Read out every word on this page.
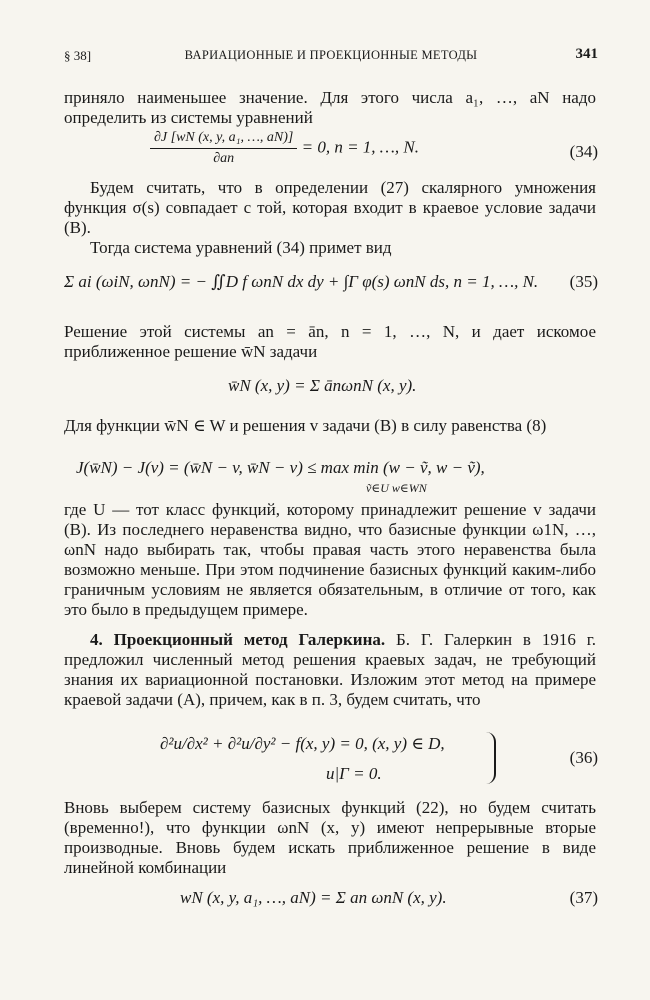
§ 38]	ВАРИАЦИОННЫЕ И ПРОЕКЦИОННЫЕ МЕТОДЫ	341
приняло наименьшее значение. Для этого числа a₁, …, aN надо определить из системы уравнений
$\frac{\text{∂J [wN (x, y, a₁, …, aN)]}}{\partial an} = 0$, n = 1, …, N.	(34)
Будем считать, что в определении (27) скалярного умножения функция σ(s) совпадает с той, которая входит в краевое условие задачи (B).
Тогда система уравнений (34) примет вид
Σ ai (ωiN, ωnN) = − ∬D f ωnN dx dy + ∫Γ φ(s) ωnN ds, n = 1, …, N. (35)
Решение этой системы an = ān, n = 1, …, N, и дает искомое приближенное решение w̄N задачи
w̄N (x, y) = Σ ānωnN (x, y).
Для функции w̄N ∈ W и решения v задачи (B) в силу равенства (8)
J(w̄N) − J(v) = (w̄N − v, w̄N − v) ≤ max min (w − ṽ, w − ṽ),
ṽ∈U w∈WN
где U — тот класс функций, которому принадлежит решение v задачи (B). Из последнего неравенства видно, что базисные функции ω1N, …, ωnN надо выбирать так, чтобы правая часть этого неравенства была возможно меньше. При этом подчинение базисных функций каким-либо граничным условиям не является обязательным, в отличие от того, как это было в предыдущем примере.
4. Проекционный метод Галеркина. Б. Г. Галеркин в 1916 г. предложил численный метод решения краевых задач, не требующий знания их вариационной постановки. Изложим этот метод на примере краевой задачи (A), причем, как в п. 3, будем считать, что
∂²u/∂x² + ∂²u/∂y² − f(x, y) = 0, (x, y) ∈ D,
u|Γ = 0.
(36)
Вновь выберем систему базисных функций (22), но будем считать (временно!), что функции ωnN (x, y) имеют непрерывные вторые производные. Вновь будем искать приближенное решение в виде линейной комбинации
wN (x, y, a₁, …, aN) = Σ an ωnN (x, y).	(37)
